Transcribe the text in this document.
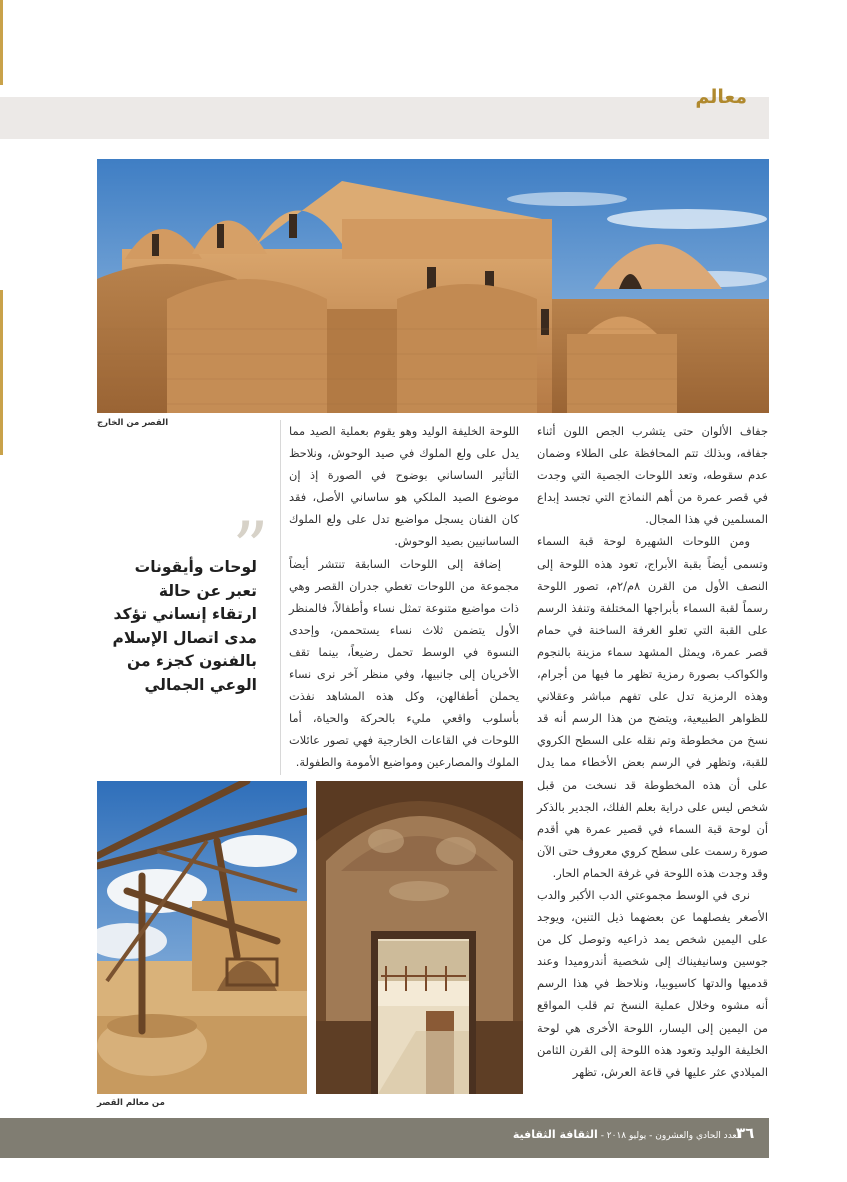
معالم
القصر من الخارج

جفاف الألوان حتى يتشرب الجص اللون أثناء جفافه، وبذلك تتم المحافظة على الطلاء وضمان عدم سقوطه، وتعد اللوحات الجصية التي وجدت في قصر عمرة من أهم النماذج التي تجسد إبداع المسلمين في هذا المجال.

ومن اللوحات الشهيرة لوحة قبة السماء وتسمى أيضاً بقبة الأبراج، تعود هذه اللوحة إلى النصف الأول من القرن ٨م/٢م، تصور اللوحة رسماً لقبة السماء بأبراجها المختلفة وتنفذ الرسم على القبة التي تعلو الغرفة الساخنة في حمام قصر عمرة، ويمثل المشهد سماء مزينة بالنجوم والكواكب بصورة رمزية تظهر ما فيها من أجرام، وهذه الرمزية تدل على تفهم مباشر وعقلاني للظواهر الطبيعية، ويتضح من هذا الرسم أنه قد نسخ من مخطوطة وتم نقله على السطح الكروي للقبة، وتظهر في الرسم بعض الأخطاء مما يدل على أن هذه المخطوطة قد نسخت من قبل شخص ليس على دراية بعلم الفلك، الجدير بالذكر أن لوحة قبة السماء في قصير عمرة هي أقدم صورة رسمت على سطح كروي معروف حتى الآن وقد وجدت هذه اللوحة في غرفة الحمام الحار.

نرى في الوسط مجموعتي الدب الأكبر والدب الأصغر يفصلهما عن بعضهما ذيل التنين، ويوجد على اليمين شخص يمد ذراعيه وتوصل كل من جوسين وسانيفيناك إلى شخصية أندروميدا وعند قدميها والدتها كاسيوبيا، ونلاحظ في هذا الرسم أنه مشوه وخلال عملية النسخ تم قلب المواقع من اليمين إلى اليسار، اللوحة الأخرى هي لوحة الخليفة الوليد وتعود هذه اللوحة إلى القرن الثامن الميلادي عثر عليها في قاعة العرش، تظهر

اللوحة الخليفة الوليد وهو يقوم بعملية الصيد مما يدل على ولع الملوك في صيد الوحوش، ونلاحظ التأثير الساساني بوضوح في الصورة إذ إن موضوع الصيد الملكي هو ساساني الأصل، فقد كان الفنان يسجل مواضيع تدل على ولع الملوك الساسانيين بصيد الوحوش.

إضافة إلى اللوحات السابقة تنتشر أيضاً مجموعة من اللوحات تغطي جدران القصر وهي ذات مواضيع متنوعة تمثل نساء وأطفالاً، فالمنظر الأول يتضمن ثلاث نساء يستحممن، وإحدى النسوة في الوسط تحمل رضيعاً، بينما تقف الأخريان إلى جانبيها، وفي منظر آخر نرى نساء يحملن أطفالهن، وكل هذه المشاهد نفذت بأسلوب واقعي مليء بالحركة والحياة، أما اللوحات في القاعات الخارجية فهي تصور عائلات الملوك والمصارعين ومواضيع الأمومة والطفولة.

”
لوحات وأيقونات
تعبر عن حالة
ارتقاء إنساني تؤكد
مدى اتصال الإسلام
بالفنون كجزء من
الوعي الجمالي
من معالم القصر
العدد الحادي والعشرون - يوليو ٢٠١٨ - الثقافة الثقافية	٣٦
